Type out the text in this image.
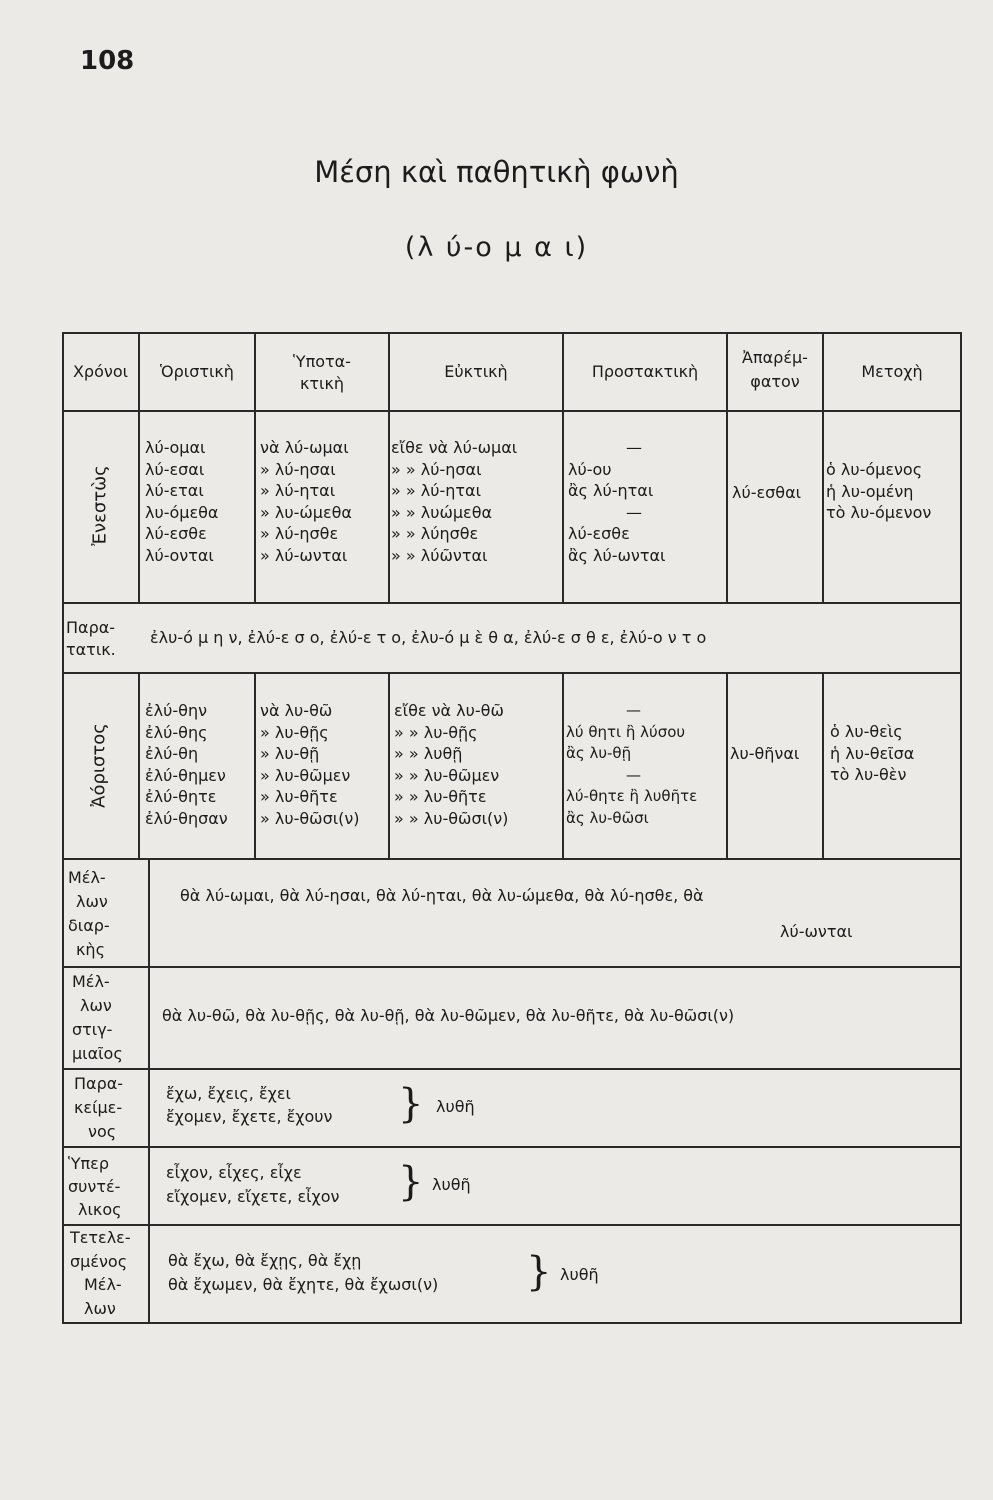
108
Μέση καὶ παθητικὴ φωνὴ
(λ ύ-ο μ α ι)
Χρόνοι	Ὁριστικὴ
Ὑποτα-
κτικὴ
Εὐκτικὴ	Προστακτικὴ
Ἀπαρέμ-
φατον
Μετοχὴ
Ἐνεστὼς
λύ-ομαι
λύ-εσαι
λύ-εται
λυ-όμεθα
λύ-εσθε
λύ-ονται
νὰ λύ-ωμαι
» λύ-ησαι
» λύ-ηται
» λυ-ώμεθα
» λύ-ησθε
» λύ-ωνται
εἴθε νὰ λύ-ωμαι
» » λύ-ησαι
» » λύ-ηται
» » λυώμεθα
» » λύησθε
» » λύῶνται
—
λύ-ου
ἂς λύ-ηται
—
λύ-εσθε
ἂς λύ-ωνται
λύ-εσθαι
ὁ λυ-όμενος
ἡ λυ-ομένη
τὸ λυ-όμενον
Παρα-
τατικ.
ἐλυ-ό μ η ν, ἐλύ-ε σ ο, ἐλύ-ε τ ο, ἐλυ-ό μ ὲ θ α, ἐλύ-ε σ θ ε, ἐλύ-ο ν τ ο
Ἀόριστος
ἐλύ-θην
ἐλύ-θης
ἐλύ-θη
ἐλύ-θημεν
ἐλύ-θητε
ἐλύ-θησαν
νὰ λυ-θῶ
» λυ-θῇς
» λυ-θῇ
» λυ-θῶμεν
» λυ-θῆτε
» λυ-θῶσι(ν)
εἴθε νὰ λυ-θῶ
» » λυ-θῇς
» » λυθῇ
» » λυ-θῶμεν
» » λυ-θῆτε
» » λυ-θῶσι(ν)
—
λύ θητι ἢ λύσου
ἂς λυ-θῇ
—
λύ-θητε ἢ λυθῆτε
ἂς λυ-θῶσι
λυ-θῆναι
ὁ λυ-θεὶς
ἡ λυ-θεῖσα
τὸ λυ-θὲν
Μέλ-
λων
διαρ-
κὴς
θὰ λύ-ωμαι, θὰ λύ-ησαι, θὰ λύ-ηται, θὰ λυ-ώμεθα, θὰ λύ-ησθε, θὰ
λύ-ωνται
Μέλ-
λων
στιγ-
μιαῖος
θὰ λυ-θῶ, θὰ λυ-θῇς, θὰ λυ-θῇ, θὰ λυ-θῶμεν, θὰ λυ-θῆτε, θὰ λυ-θῶσι(ν)
Παρα-
κείμε-
νος
ἔχω, ἔχεις, ἔχει
ἔχομεν, ἔχετε, ἔχουν } λυθῆ
Ὑπερ
συντέ-
λικος
εἶχον, εἶχες, εἶχε
εἴχομεν, εἴχετε, εἶχον } λυθῆ
Τετελε-
σμένος
Μέλ-
λων
θὰ ἔχω, θὰ ἔχῃς, θὰ ἔχῃ
θὰ ἔχωμεν, θὰ ἔχητε, θὰ ἔχωσι(ν) } λυθῆ
